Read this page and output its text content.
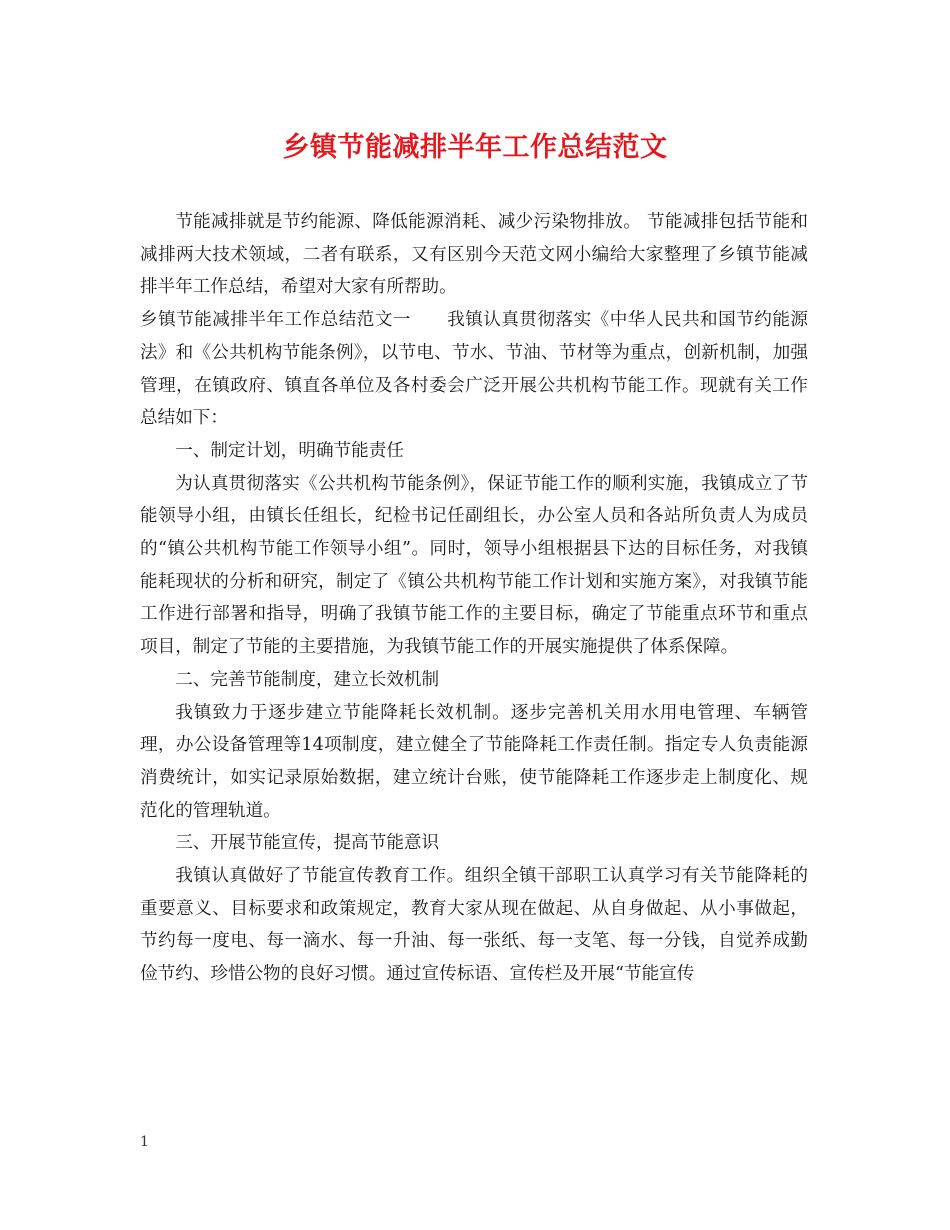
乡镇节能减排半年工作总结范文

节能减排就是节约能源、降低能源消耗、减少污染物排放。 节能减排包括节能和减排两大技术领域，二者有联系，又有区别今天范文网小编给大家整理了乡镇节能减排半年工作总结，希望对大家有所帮助。

乡镇节能减排半年工作总结范文一　　我镇认真贯彻落实《中华人民共和国节约能源法》和《公共机构节能条例》，以节电、节水、节油、节材等为重点，创新机制，加强管理，在镇政府、镇直各单位及各村委会广泛开展公共机构节能工作。现就有关工作总结如下：

一、制定计划，明确节能责任

为认真贯彻落实《公共机构节能条例》，保证节能工作的顺利实施，我镇成立了节能领导小组，由镇长任组长，纪检书记任副组长，办公室人员和各站所负责人为成员的“镇公共机构节能工作领导小组”。同时，领导小组根据县下达的目标任务，对我镇能耗现状的分析和研究，制定了《镇公共机构节能工作计划和实施方案》，对我镇节能工作进行部署和指导，明确了我镇节能工作的主要目标，确定了节能重点环节和重点项目，制定了节能的主要措施，为我镇节能工作的开展实施提供了体系保障。

二、完善节能制度，建立长效机制

我镇致力于逐步建立节能降耗长效机制。逐步完善机关用水用电管理、车辆管理，办公设备管理等14项制度，建立健全了节能降耗工作责任制。指定专人负责能源消费统计，如实记录原始数据，建立统计台账，使节能降耗工作逐步走上制度化、规范化的管理轨道。

三、开展节能宣传，提高节能意识

我镇认真做好了节能宣传教育工作。组织全镇干部职工认真学习有关节能降耗的重要意义、目标要求和政策规定，教育大家从现在做起、从自身做起、从小事做起，节约每一度电、每一滴水、每一升油、每一张纸、每一支笔、每一分钱，自觉养成勤俭节约、珍惜公物的良好习惯。通过宣传标语、宣传栏及开展“节能宣传

1
